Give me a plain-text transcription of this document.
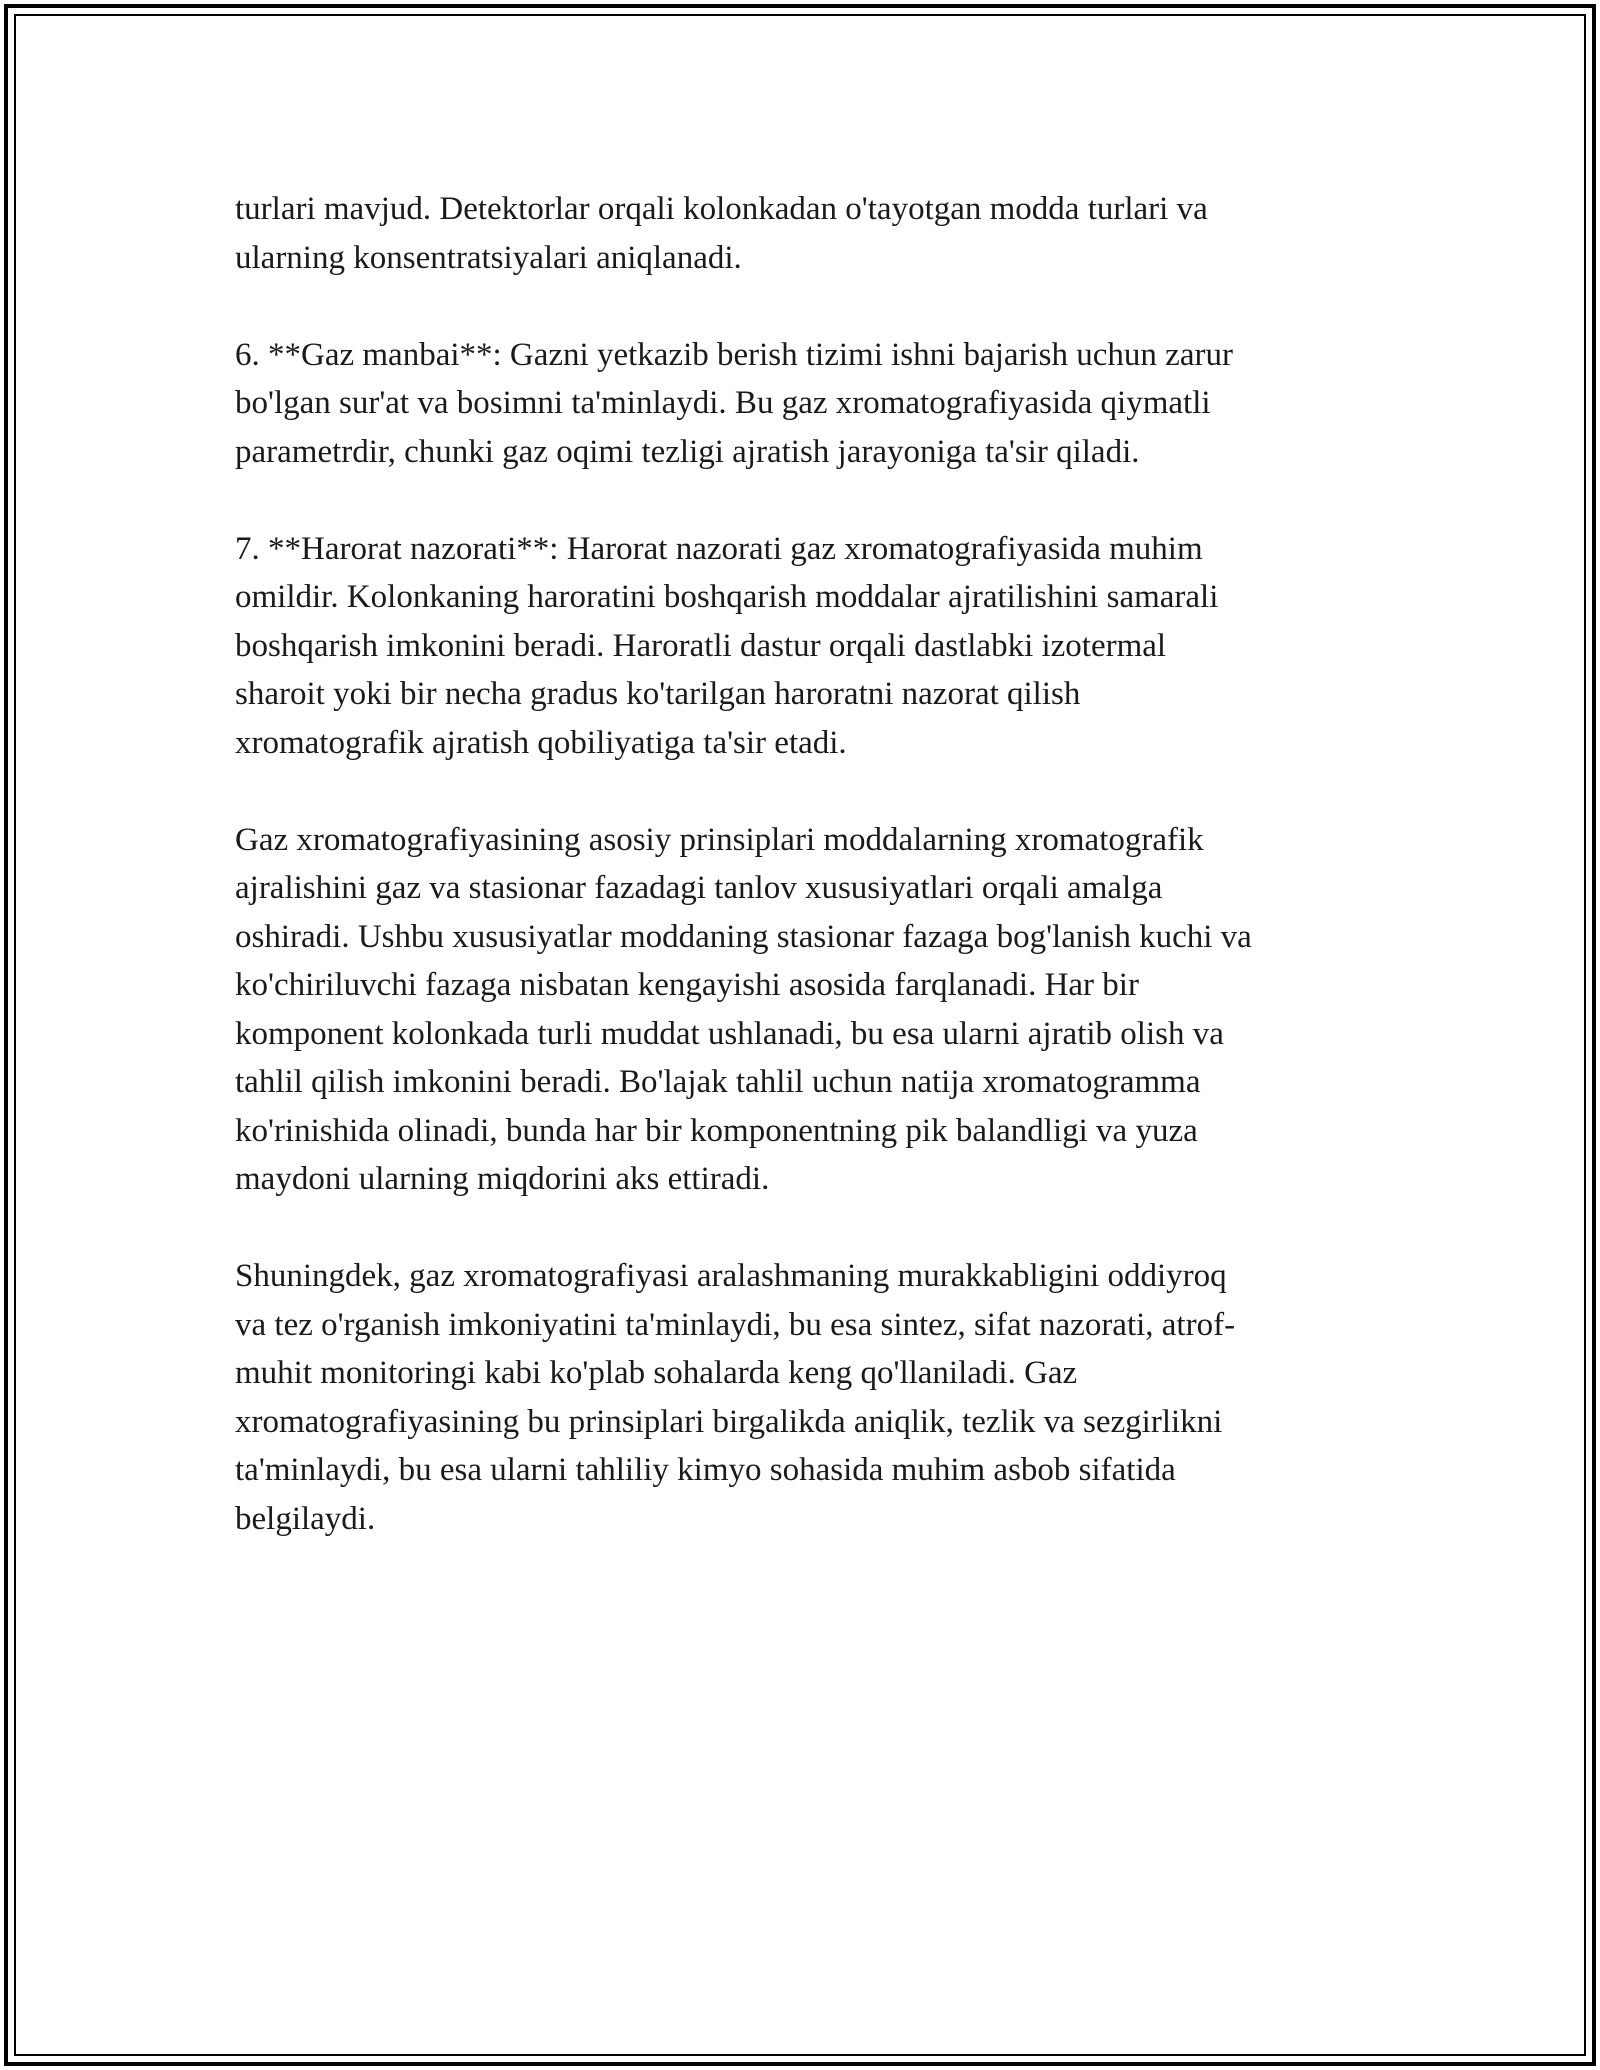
turlari mavjud. Detektorlar orqali kolonkadan o'tayotgan modda turlari va
ularning konsentratsiyalari aniqlanadi.

6. **Gaz manbai**: Gazni yetkazib berish tizimi ishni bajarish uchun zarur
bo'lgan sur'at va bosimni ta'minlaydi. Bu gaz xromatografiyasida qiymatli
parametrdir, chunki gaz oqimi tezligi ajratish jarayoniga ta'sir qiladi.

7. **Harorat nazorati**: Harorat nazorati gaz xromatografiyasida muhim
omildir. Kolonkaning haroratini boshqarish moddalar ajratilishini samarali
boshqarish imkonini beradi. Haroratli dastur orqali dastlabki izotermal
sharoit yoki bir necha gradus ko'tarilgan haroratni nazorat qilish
xromatografik ajratish qobiliyatiga ta'sir etadi.

Gaz xromatografiyasining asosiy prinsiplari moddalarning xromatografik
ajralishini gaz va stasionar fazadagi tanlov xususiyatlari orqali amalga
oshiradi. Ushbu xususiyatlar moddaning stasionar fazaga bog'lanish kuchi va
ko'chiriluvchi fazaga nisbatan kengayishi asosida farqlanadi. Har bir
komponent kolonkada turli muddat ushlanadi, bu esa ularni ajratib olish va
tahlil qilish imkonini beradi. Bo'lajak tahlil uchun natija xromatogramma
ko'rinishida olinadi, bunda har bir komponentning pik balandligi va yuza
maydoni ularning miqdorini aks ettiradi.

Shuningdek, gaz xromatografiyasi aralashmaning murakkabligini oddiyroq
va tez o'rganish imkoniyatini ta'minlaydi, bu esa sintez, sifat nazorati, atrof-
muhit monitoringi kabi ko'plab sohalarda keng qo'llaniladi. Gaz
xromatografiyasining bu prinsiplari birgalikda aniqlik, tezlik va sezgirlikni
ta'minlaydi, bu esa ularni tahliliy kimyo sohasida muhim asbob sifatida
belgilaydi.
